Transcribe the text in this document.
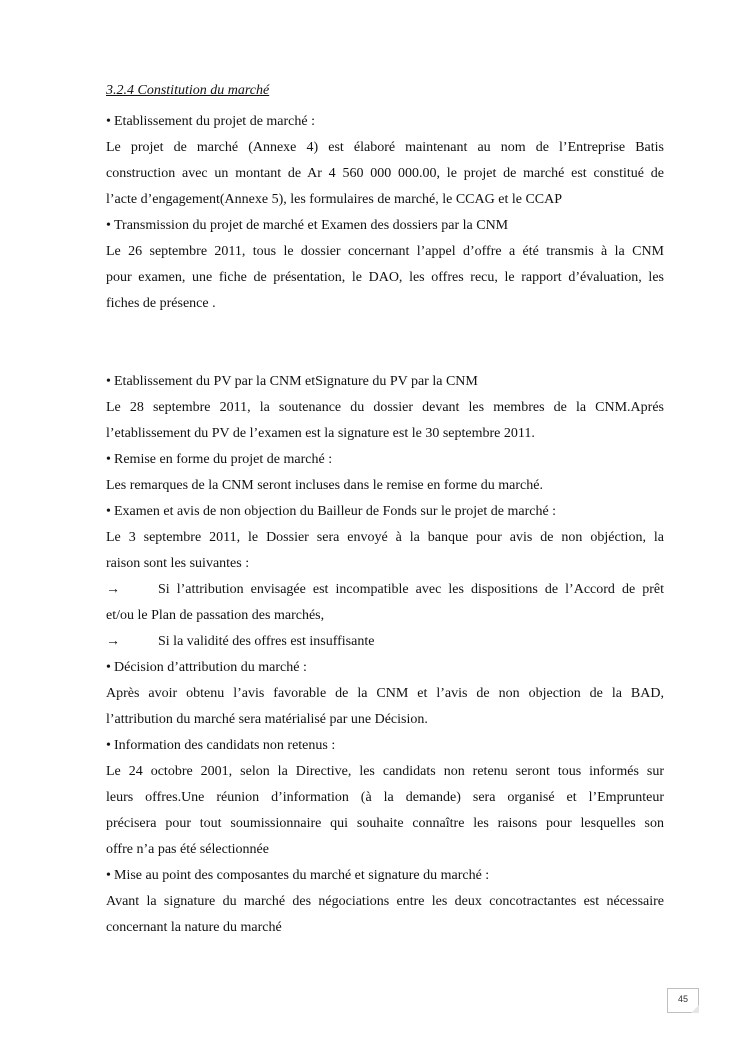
3.2.4 Constitution du marché
• Etablissement du projet de marché :
Le projet de marché (Annexe 4) est élaboré maintenant au nom de l’Entreprise Batis
construction avec un montant de Ar 4 560 000 000.00, le projet de marché est constitué de
l’acte d’engagement(Annexe 5), les formulaires de marché, le CCAG et le CCAP
• Transmission du projet de marché et Examen des dossiers par la CNM
Le 26 septembre 2011, tous le dossier concernant l’appel d’offre a été transmis à la CNM
pour examen, une fiche de présentation, le DAO, les offres recu, le rapport d’évaluation, les
fiches de présence .
• Etablissement du PV par la CNM etSignature du PV par la CNM
Le 28 septembre 2011, la soutenance du dossier devant les membres de la CNM.Aprés
l’etablissement du PV de l’examen est la signature est le 30 septembre 2011.
• Remise en forme du projet de marché :
Les remarques de la CNM seront incluses dans le remise en forme du marché.
• Examen et avis de non objection du Bailleur de Fonds sur le projet de marché :
Le 3 septembre 2011, le Dossier sera envoyé à la banque pour avis de non objéction, la
raison sont les suivantes :
→	Si l’attribution envisagée est incompatible avec les dispositions de l’Accord de prêt
et/ou le Plan de passation des marchés,
→	Si la validité des offres est insuffisante
• Décision d’attribution du marché :
Après avoir obtenu l’avis favorable de la CNM et l’avis de non objection de la BAD,
l’attribution du marché sera matérialisé par une Décision.
• Information des candidats non retenus :
Le 24 octobre 2001, selon la Directive, les candidats non retenu seront tous informés sur
leurs offres.Une réunion d’information (à la demande) sera organisé et l’Emprunteur
précisera pour tout soumissionnaire qui souhaite connaître les raisons pour lesquelles son
offre n’a pas été sélectionnée
• Mise au point des composantes du marché et signature du marché :
Avant la signature du marché des négociations entre les deux concotractantes est nécessaire
concernant la nature du marché
45
